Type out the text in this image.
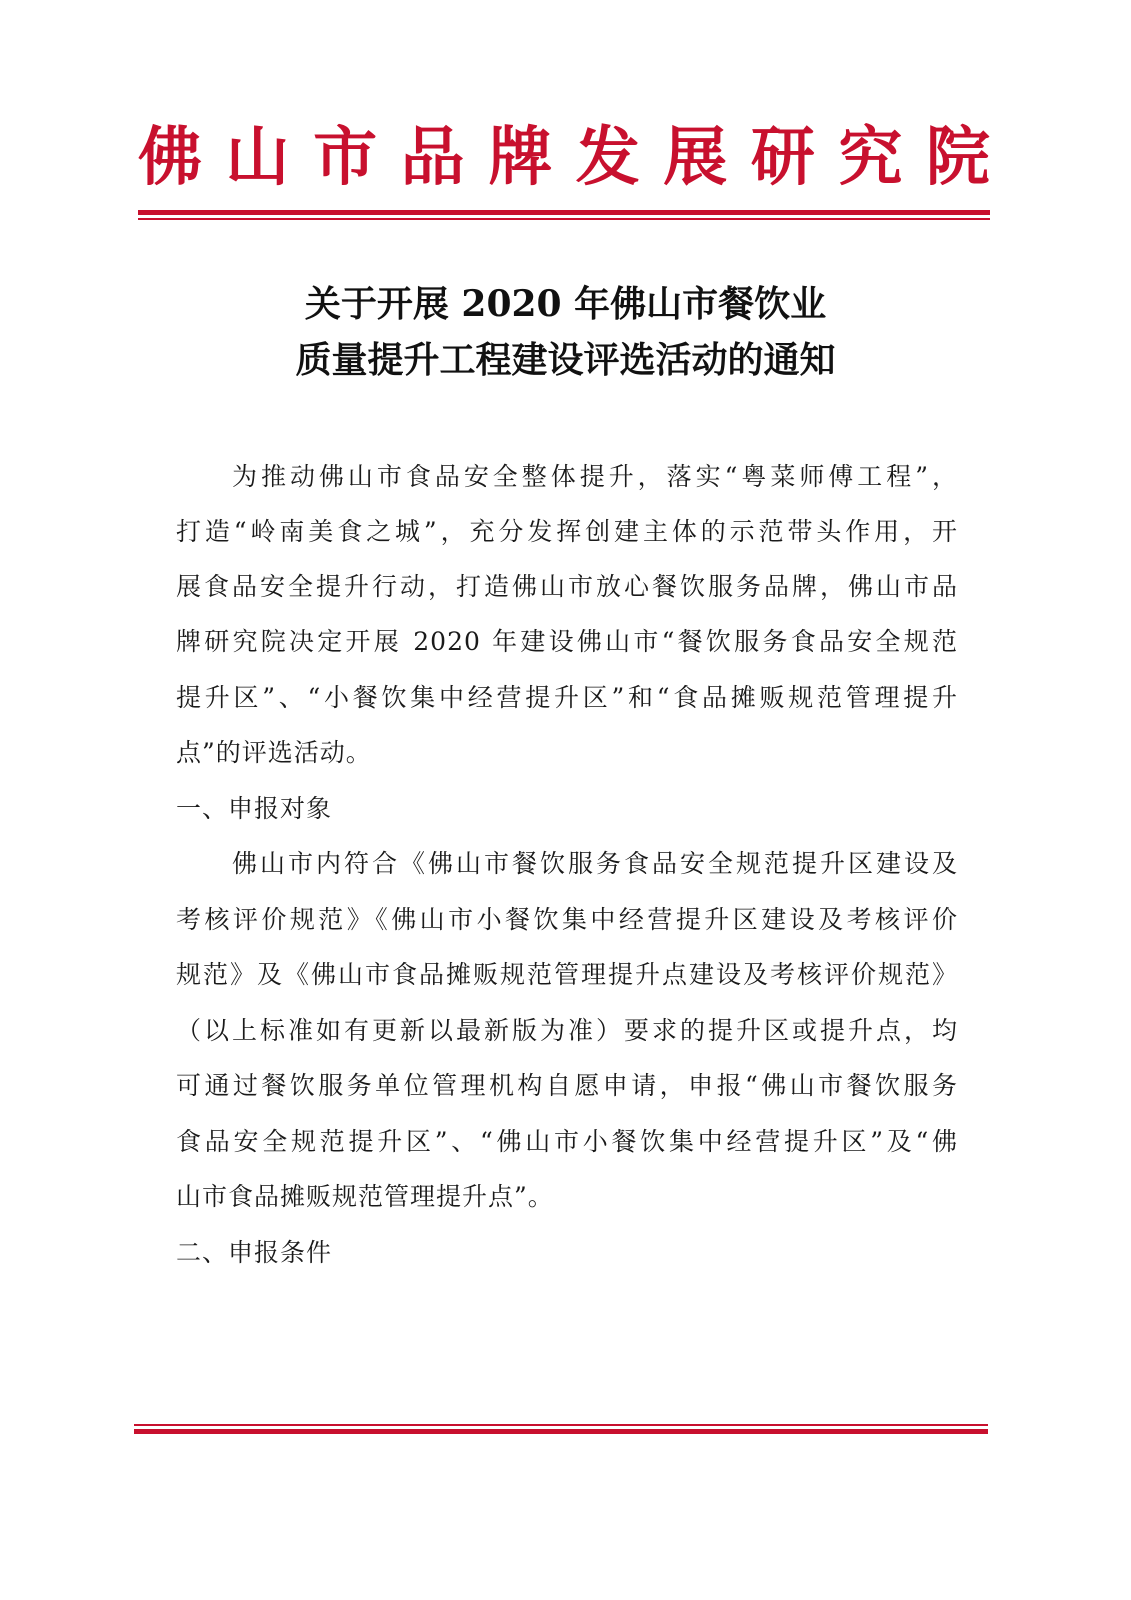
佛 山 市 品 牌 发 展 研 究 院
关于开展 2020 年佛山市餐饮业
质量提升工程建设评选活动的通知
为推动佛山市食品安全整体提升，落实“粤菜师傅工程”，
打造“岭南美食之城”，充分发挥创建主体的示范带头作用，开
展食品安全提升行动，打造佛山市放心餐饮服务品牌，佛山市品
牌研究院决定开展 2020 年建设佛山市“餐饮服务食品安全规范
提升区”、“小餐饮集中经营提升区”和“食品摊贩规范管理提升
点”的评选活动。
一、申报对象
佛山市内符合《佛山市餐饮服务食品安全规范提升区建设及
考核评价规范》《佛山市小餐饮集中经营提升区建设及考核评价
规范》及《佛山市食品摊贩规范管理提升点建设及考核评价规范》
（以上标准如有更新以最新版为准）要求的提升区或提升点，均
可通过餐饮服务单位管理机构自愿申请，申报“佛山市餐饮服务
食品安全规范提升区”、“佛山市小餐饮集中经营提升区”及“佛
山市食品摊贩规范管理提升点”。
二、申报条件
